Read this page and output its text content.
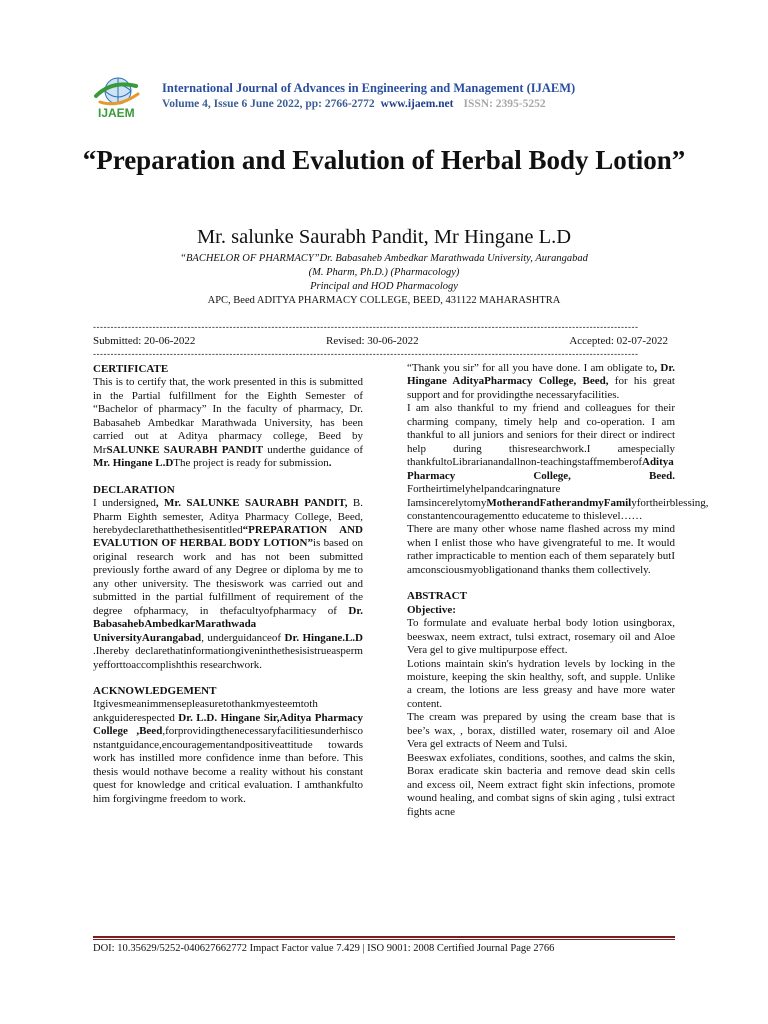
IJAEM
International Journal of Advances in Engineering and Management (IJAEM)
Volume 4, Issue 6 June 2022, pp: 2766-2772 www.ijaem.net ISSN: 2395-5252
“Preparation and Evalution of Herbal Body Lotion”
Mr. salunke Saurabh Pandit, Mr Hingane L.D
“BACHELOR OF PHARMACY”Dr. Babasaheb Ambedkar Marathwada University, Aurangabad
(M. Pharm, Ph.D.) (Pharmacology)
Principal and HOD Pharmacology
APC, Beed ADITYA PHARMACY COLLEGE, BEED, 431122 MAHARASHTRA
------------------------------------------------------------------------------------------------------------------------------------------------------------
Submitted: 20-06-2022	Revised: 30-06-2022	Accepted: 02-07-2022
------------------------------------------------------------------------------------------------------------------------------------------------------------
CERTIFICATE

This is to certify that, the work presented in this is submitted in the Partial fulfillment for the Eighth Semester of “Bachelor of pharmacy” In the faculty of pharmacy, Dr. Babasaheb Ambedkar Marathwada University, has been carried out at Aditya pharmacy college, Beed by MrSALUNKE SAURABH PANDIT underthe guidance of Mr. Hingane L.DThe project is ready for submission.

DECLARATION

I undersigned, Mr. SALUNKE SAURABH PANDIT, B. Pharm Eighth semester, Aditya Pharmacy College, Beed, herebydeclarethatthethesisentitled“PREPARATION AND EVALUTION OF HERBAL BODY LOTION”is based on original research work and has not been submitted previously forthe award of any Degree or diploma by me to any other university. The thesiswork was carried out and submitted in the partial fulfillment of requirement of the degree ofpharmacy, in thefacultyofpharmacy of Dr. BabasahebAmbedkarMarathwada UniversityAurangabad, underguidanceof Dr. Hingane.L.D .Ihereby declarethatinformationgiveninthethesisistrueasperm yefforttoaccomplishthis researchwork.

ACKNOWLEDGEMENT

Itgivesmeanimmensepleasuretothankmyesteemtoth ankguiderespected Dr. L.D. Hingane Sir,Aditya Pharmacy College ,Beed,forprovidingthenecessaryfacilitiesunderhisco nstantguidance,encouragementandpositiveattitude towards work has instilled more confidence inme than before. This thesis would nothave become a reality without his constant quest for knowledge and critical evaluation. I amthankfulto him forgivingme freedom to work.

“Thank you sir” for all you have done. I am obligate to, Dr. Hingane AdityaPharmacy College, Beed, for his great support and for providingthe necessaryfacilities.

I am also thankful to my friend and colleagues for their charming company, timely help and co-operation. I am thankful to all juniors and seniors for their direct or indirect help during thisresearchwork.I amespecially thankfultoLibrarianandallnon-teachingstaffmemberofAditya Pharmacy College, Beed. Fortheirtimelyhelpandcaringnature IamsincerelytomyMotherandFatherandmyFamilyfortheirblessing, constantencouragementto educateme to thislevel……

There are many other whose name flashed across my mind when I enlist those who have givengrateful to me. It would rather impracticable to mention each of them separately butI amconsciousmyobligationand thanks them collectively.

ABSTRACT
Objective:

To formulate and evaluate herbal body lotion usingborax, beeswax, neem extract, tulsi extract, rosemary oil and Aloe Vera gel to give multipurpose effect.

Lotions maintain skin's hydration levels by locking in the moisture, keeping the skin healthy, soft, and supple. Unlike a cream, the lotions are less greasy and have more water content.

The cream was prepared by using the cream base that is bee’s wax, , borax, distilled water, rosemary oil and Aloe Vera gel extracts of Neem and Tulsi.

Beeswax exfoliates, conditions, soothes, and calms the skin, Borax eradicate skin bacteria and remove dead skin cells and excess oil, Neem extract fight skin infections, promote wound healing, and combat signs of skin aging , tulsi extract fights acne

DOI: 10.35629/5252-040627662772 Impact Factor value 7.429 | ISO 9001: 2008 Certified Journal Page 2766
